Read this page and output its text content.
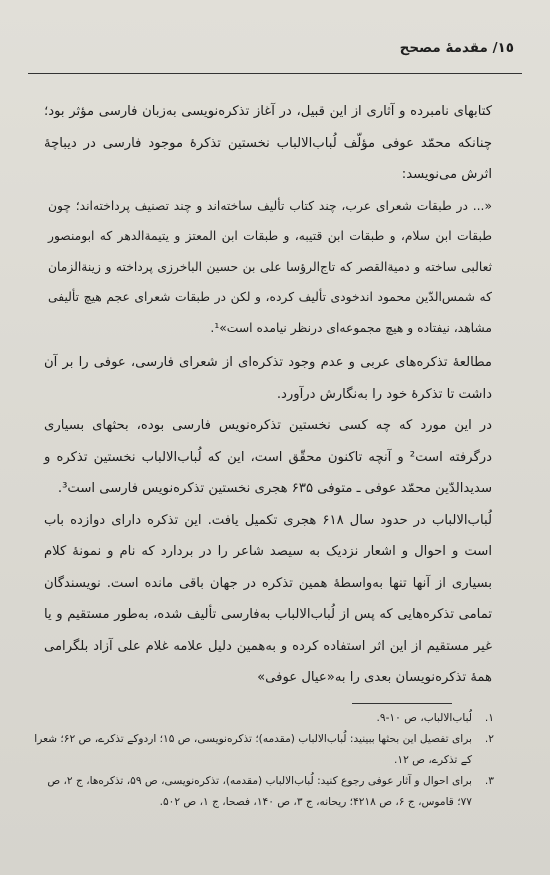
١٥/ مقدمهٔ مصحح

کتابهای نامبرده و آثاری از این قبیل، در آغاز تذکره‌نویسی به‌زبان فارسی مؤثر بود؛ چنانکه محمّد عوفی مؤلّف لُباب‌الالباب نخستین تذکرهٔ موجود فارسی در دیباچهٔ اثرش می‌نویسد:

«... در طبقات شعرای عرب، چند کتاب تألیف ساخته‌اند و چند تصنیف پرداخته‌اند؛ چون طبقات ابن سلام، و طبقات ابن قتیبه، و طبقات ابن المعتز و یتیمةالدهر که ابومنصور ثعالبی ساخته و دمیةالقصر که تاج‌الرؤسا علی بن حسین الباخرزی پرداخته و زینةالزمان که شمس‌الدّین محمود اندخودی تألیف کرده، و لکن در طبقات شعرای عجم هیچ تألیفی مشاهد، نیفتاده و هیچ مجموعه‌ای درنظر نیامده است»¹.

مطالعهٔ تذکره‌های عربی و عدم وجود تذکره‌ای از شعرای فارسی، عوفی را بر آن داشت تا تذکرهٔ خود را به‌نگارش درآورد.

در این مورد که چه کسی نخستین تذکره‌نویس فارسی بوده، بحثهای بسیاری درگرفته است² و آنچه تاکنون محقّق است، این که لُباب‌الالباب نخستین تذکره و سدیدالدّین محمّد عوفی ـ متوفی ۶۳۵ هجری نخستین تذکره‌نویس فارسی است³.

لُباب‌الالباب در حدود سال ۶۱۸ هجری تکمیل یافت. این تذکره دارای دوازده باب است و احوال و اشعار نزدیک به سیصد شاعر را در بردارد که نام و نمونهٔ کلام بسیاری از آنها تنها به‌واسطهٔ همین تذکره در جهان باقی مانده است. نویسندگان تمامی تذکره‌هایی که پس از لُباب‌الالباب به‌فارسی تألیف شده، به‌طور مستقیم و یا غیر مستقیم از این اثر استفاده کرده و به‌همین دلیل علامه غلام علی آزاد بلگرامی همهٔ تذکره‌نویسان بعدی را به‌«عیال عوفی»

۱.
لُباب‌الالباب، ص ۱۰-۹.
۲.
برای تفصیل این بحثها ببینید: لُباب‌الالباب (مقدمه)؛ تذکره‌نویسی، ص ۱۵؛ اردوکے تذکرے، ص ۶۲؛ شعرا کے تذکرے، ص ۱۲.
۳.
برای احوال و آثار عوفی رجوع کنید: لُباب‌الالباب (مقدمه)، تذکره‌نویسی، ص ۵۹، تذکره‌ها، ج ۲، ص ۷۷؛ قاموس، ج ۶، ص ۴۲۱۸؛ ریحانه، ج ۳، ص ۱۴۰، فصحا، ج ۱، ص ۵۰۲.
